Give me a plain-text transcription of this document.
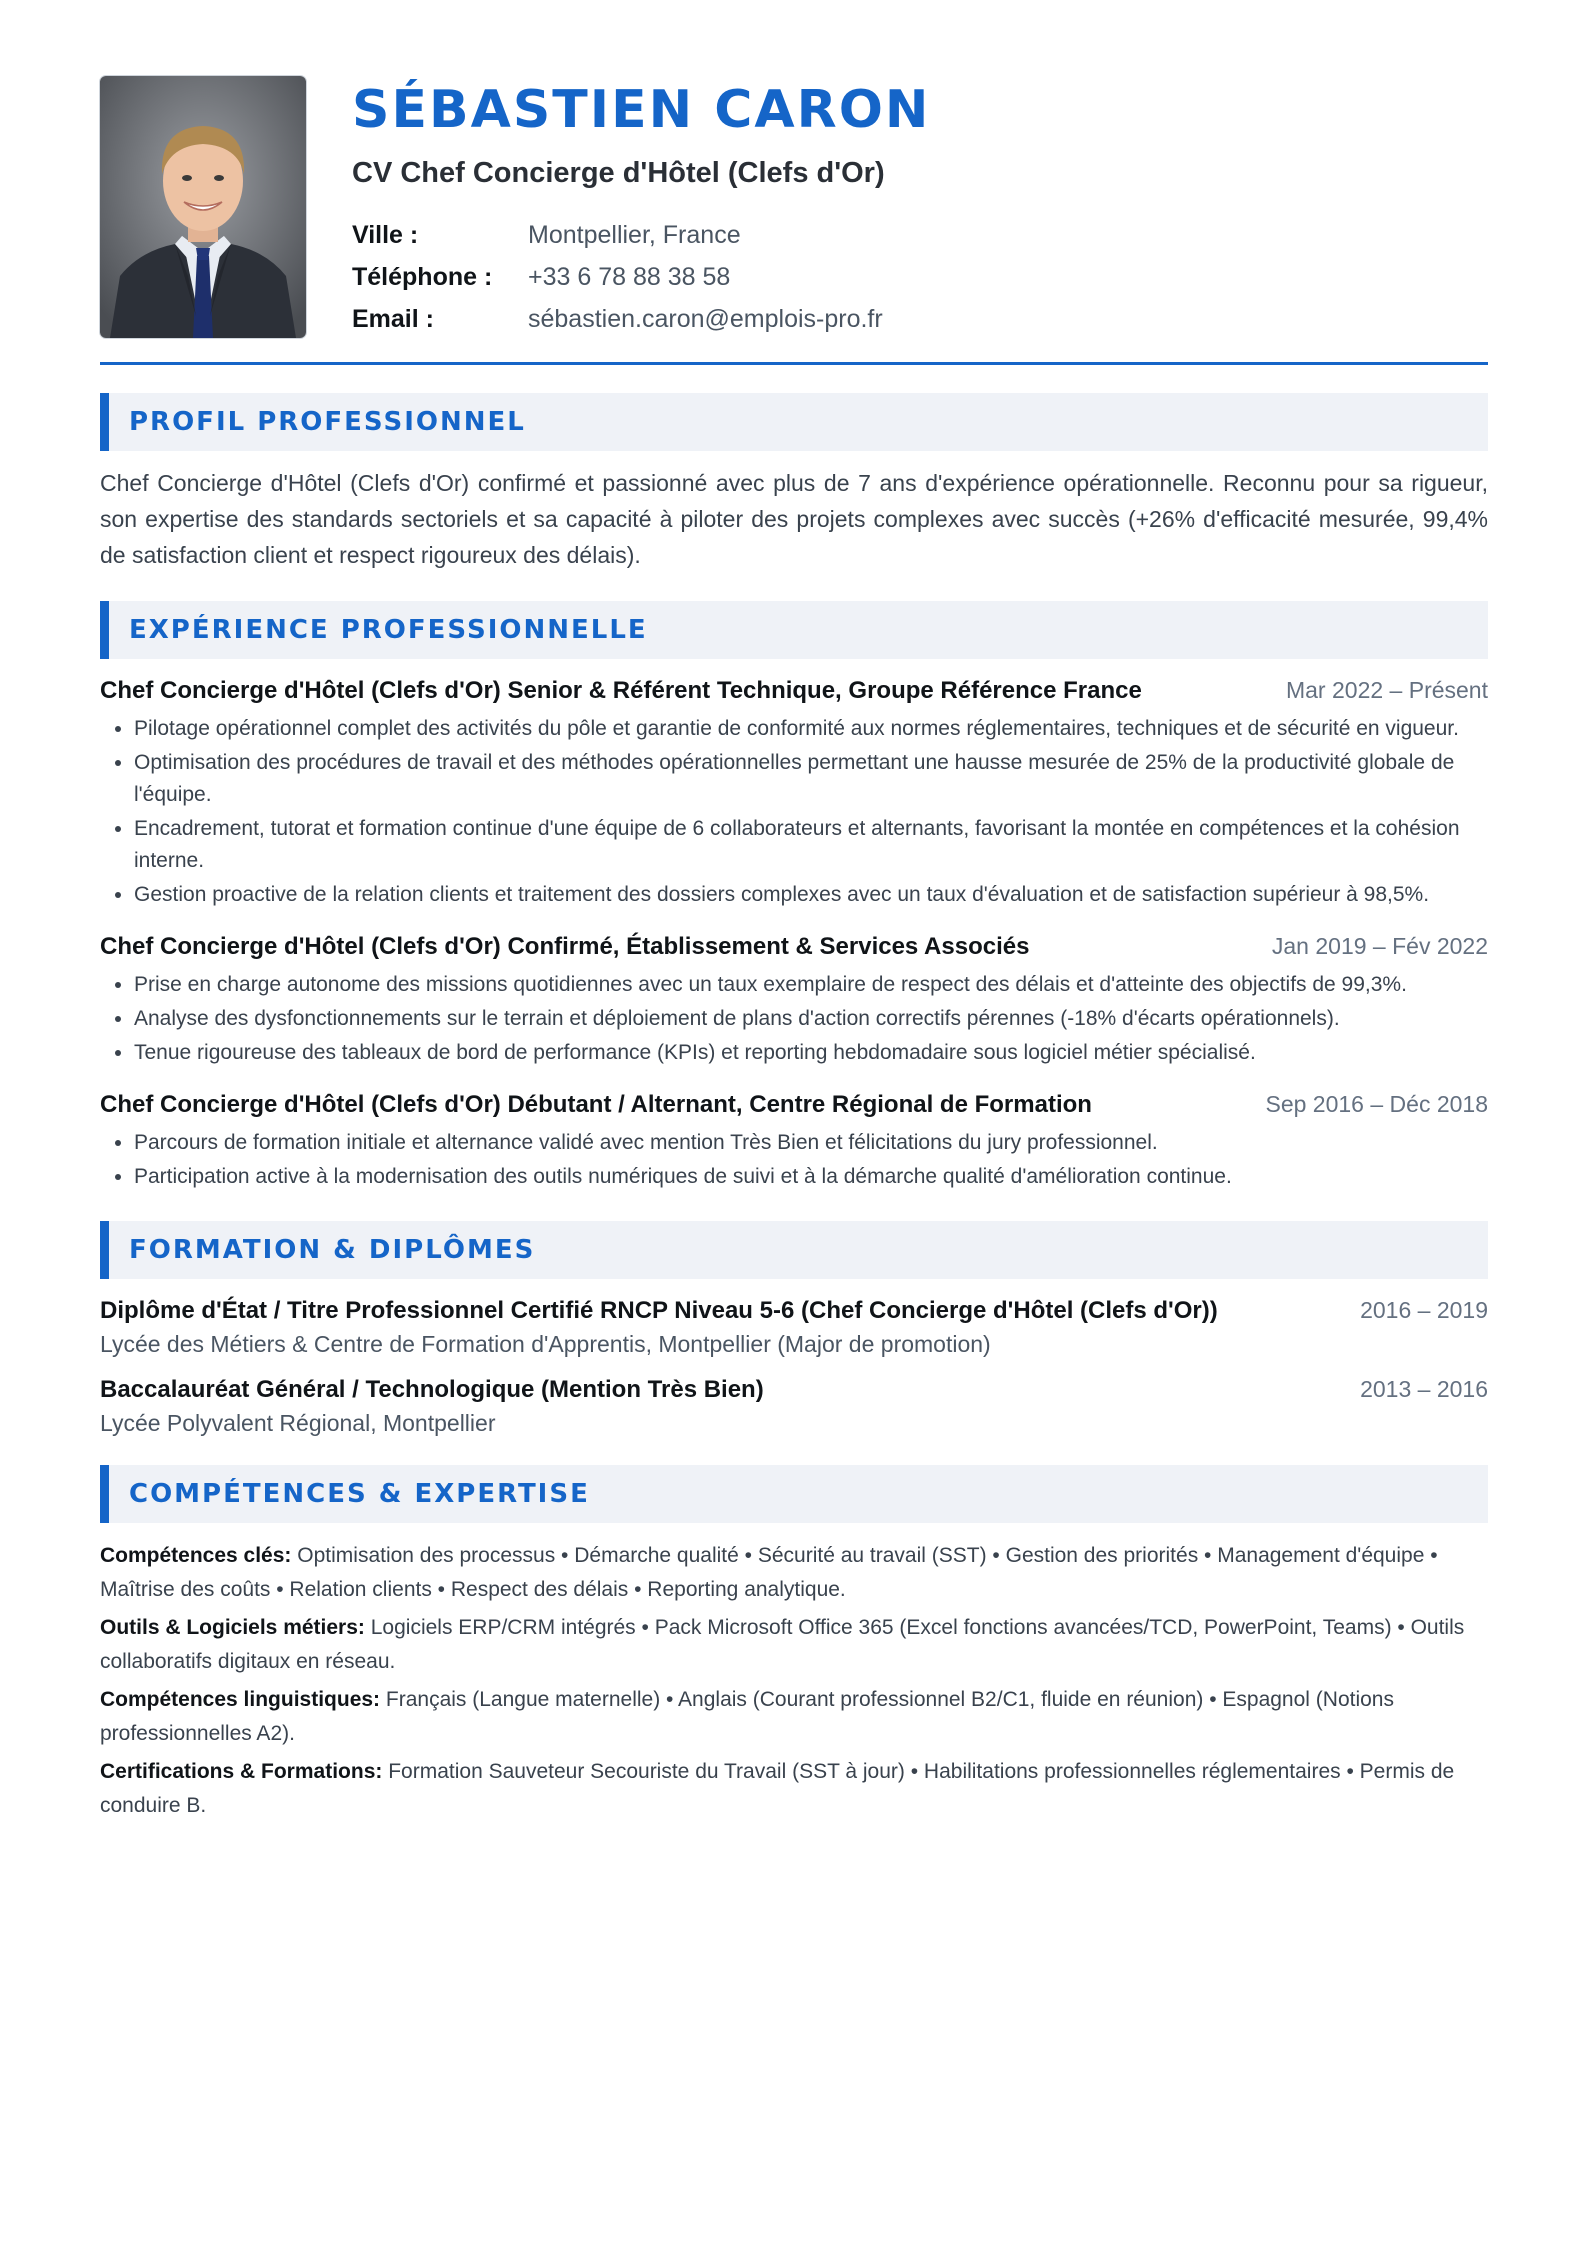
SÉBASTIEN CARON
CV Chef Concierge d'Hôtel (Clefs d'Or)
Ville :	Montpellier, France
Téléphone :	+33 6 78 88 38 58
Email :	sébastien.caron@emplois-pro.fr
PROFIL PROFESSIONNEL
Chef Concierge d'Hôtel (Clefs d'Or) confirmé et passionné avec plus de 7 ans d'expérience opérationnelle. Reconnu pour sa rigueur, son expertise des standards sectoriels et sa capacité à piloter des projets complexes avec succès (+26% d'efficacité mesurée, 99,4% de satisfaction client et respect rigoureux des délais).
EXPÉRIENCE PROFESSIONNELLE
Chef Concierge d'Hôtel (Clefs d'Or) Senior & Référent Technique, Groupe Référence France	Mar 2022 – Présent
• Pilotage opérationnel complet des activités du pôle et garantie de conformité aux normes réglementaires, techniques et de sécurité en vigueur.
• Optimisation des procédures de travail et des méthodes opérationnelles permettant une hausse mesurée de 25% de la productivité globale de l'équipe.
• Encadrement, tutorat et formation continue d'une équipe de 6 collaborateurs et alternants, favorisant la montée en compétences et la cohésion interne.
• Gestion proactive de la relation clients et traitement des dossiers complexes avec un taux d'évaluation et de satisfaction supérieur à 98,5%.
Chef Concierge d'Hôtel (Clefs d'Or) Confirmé, Établissement & Services Associés	Jan 2019 – Fév 2022
• Prise en charge autonome des missions quotidiennes avec un taux exemplaire de respect des délais et d'atteinte des objectifs de 99,3%.
• Analyse des dysfonctionnements sur le terrain et déploiement de plans d'action correctifs pérennes (-18% d'écarts opérationnels).
• Tenue rigoureuse des tableaux de bord de performance (KPIs) et reporting hebdomadaire sous logiciel métier spécialisé.
Chef Concierge d'Hôtel (Clefs d'Or) Débutant / Alternant, Centre Régional de Formation	Sep 2016 – Déc 2018
• Parcours de formation initiale et alternance validé avec mention Très Bien et félicitations du jury professionnel.
• Participation active à la modernisation des outils numériques de suivi et à la démarche qualité d'amélioration continue.
FORMATION & DIPLÔMES
Diplôme d'État / Titre Professionnel Certifié RNCP Niveau 5-6 (Chef Concierge d'Hôtel (Clefs d'Or))	2016 – 2019
Lycée des Métiers & Centre de Formation d'Apprentis, Montpellier (Major de promotion)
Baccalauréat Général / Technologique (Mention Très Bien)	2013 – 2016
Lycée Polyvalent Régional, Montpellier
COMPÉTENCES & EXPERTISE
Compétences clés: Optimisation des processus • Démarche qualité • Sécurité au travail (SST) • Gestion des priorités • Management d'équipe • Maîtrise des coûts • Relation clients • Respect des délais • Reporting analytique.
Outils & Logiciels métiers: Logiciels ERP/CRM intégrés • Pack Microsoft Office 365 (Excel fonctions avancées/TCD, PowerPoint, Teams) • Outils collaboratifs digitaux en réseau.
Compétences linguistiques: Français (Langue maternelle) • Anglais (Courant professionnel B2/C1, fluide en réunion) • Espagnol (Notions professionnelles A2).
Certifications & Formations: Formation Sauveteur Secouriste du Travail (SST à jour) • Habilitations professionnelles réglementaires • Permis de conduire B.
